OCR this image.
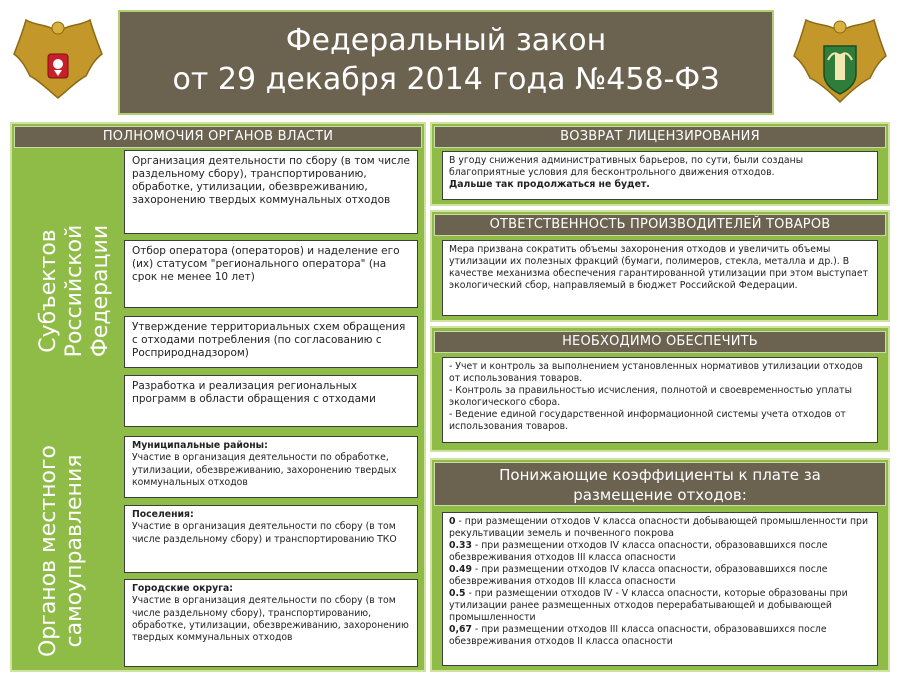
Федеральный закон
от 29 декабря 2014 года №458-ФЗ
ПОЛНОМОЧИЯ ОРГАНОВ ВЛАСТИ
Субъектов Российской Федерации
Организация деятельности по сбору (в том числе раздельному сбору), транспортированию, обработке, утилизации, обезвреживанию, захоронению твердых коммунальных отходов
Отбор оператора (операторов) и наделение его (их) статусом "регионального оператора" (на срок не менее 10 лет)
Утверждение территориальных схем обращения с отходами потребления (по согласованию с Росприроднадзором)
Разработка и реализация региональных программ в области обращения с отходами
Органов местного самоуправления
Муниципальные районы:
Участие в организация деятельности по обработке, утилизации, обезвреживанию, захоронению твердых коммунальных отходов
Поселения:
Участие в организация деятельности по сбору (в том числе раздельному сбору) и транспортированию ТКО
Городские округа:
Участие в организация деятельности по сбору (в том числе раздельному сбору), транспортированию, обработке, утилизации, обезвреживанию, захоронению твердых коммунальных отходов
ВОЗВРАТ ЛИЦЕНЗИРОВАНИЯ
В угоду снижения административных барьеров, по сути, были созданы благоприятные условия для бесконтрольного движения отходов.
Дальше так продолжаться не будет.
ОТВЕТСТВЕННОСТЬ ПРОИЗВОДИТЕЛЕЙ ТОВАРОВ
Мера призвана сократить объемы захоронения отходов и увеличить объемы утилизации их полезных фракций (бумаги, полимеров, стекла, металла и др.). В качестве механизма обеспечения гарантированной утилизации при этом выступает экологический сбор, направляемый в бюджет Российской Федерации.
НЕОБХОДИМО ОБЕСПЕЧИТЬ
- Учет и контроль за выполнением установленных нормативов утилизации отходов от использования товаров.
- Контроль за правильностью исчисления, полнотой и своевременностью уплаты экологического сбора.
- Ведение единой государственной информационной системы учета отходов от использования товаров.
Понижающие коэффициенты к плате за
размещение отходов:
0 - при размещении отходов V класса опасности добывающей промышленности при рекультивации земель и почвенного покрова
0.33 - при размещении отходов IV класса опасности, образовавшихся после обезвреживания отходов III класса опасности
0.49 - при размещении отходов IV класса опасности, образовавшихся после обезвреживания отходов III класса опасности
0.5 - при размещении отходов IV - V класса опасности, которые образованы при утилизации ранее размещенных отходов перерабатывающей и добывающей промышленности
0,67 - при размещении отходов III класса опасности, образовавшихся после обезвреживания отходов II класса опасности
